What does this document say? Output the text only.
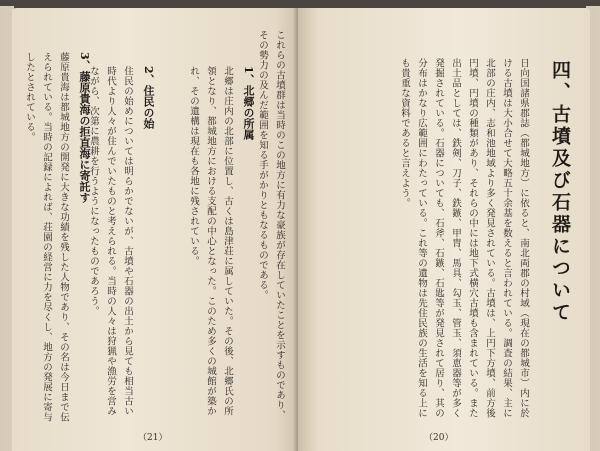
これらの古墳群は当時のこの地方に有力な豪族が存在していたことを示すものであり、その勢力の及んだ範囲を知る手がかりともなるものである。
1、北郷の所属
北郷は庄内の北部に位置し、古くは島津荘に属していた。その後、北郷氏の所領となり、都城地方における支配の中心となった。このため多くの城館が築かれ、その遺構は現在も各地に残されている。
2、住民の始
住民の始めについては明らかでないが、古墳や石器の出土から見ても相当古い時代より人々が住んでいたものと考えられる。当時の人々は狩猟や漁労を営みながら、次第に農耕を行うようになったものであろう。
3、藤原貴海の拒直海に寄託す
藤原貴海は都城地方の開発に大きな功績を残した人物であり、その名は今日まで伝えられている。当時の記録によれば、荘園の経営に力を尽くし、地方の発展に寄与したとされている。
（21）
四、古墳及び石器について
日向国諸県郡誌（都城地方）に依ると、南北両郡の村域（現在の都城市）内に於ける古墳は大小合せて大略五十余基を数えると言われている。調査の結果、主に北部の庄内、志和池地域より多く発見されている。古墳は、上円下方墳、前方後円墳、円墳の種類があり、それらの中には地下式横穴古墳も含まれている。また出土品としては、鉄剣、刀子、鉄鏃、甲冑、馬具、勾玉、管玉、須恵器等が多く発掘されている。石器についても、石斧、石鏃、石匙等が発見されて居り、其の分布はかなり広範囲にわたっている。これ等の遺物は先住民族の生活を知る上にも貴重な資料であると言えよう。
（20）
